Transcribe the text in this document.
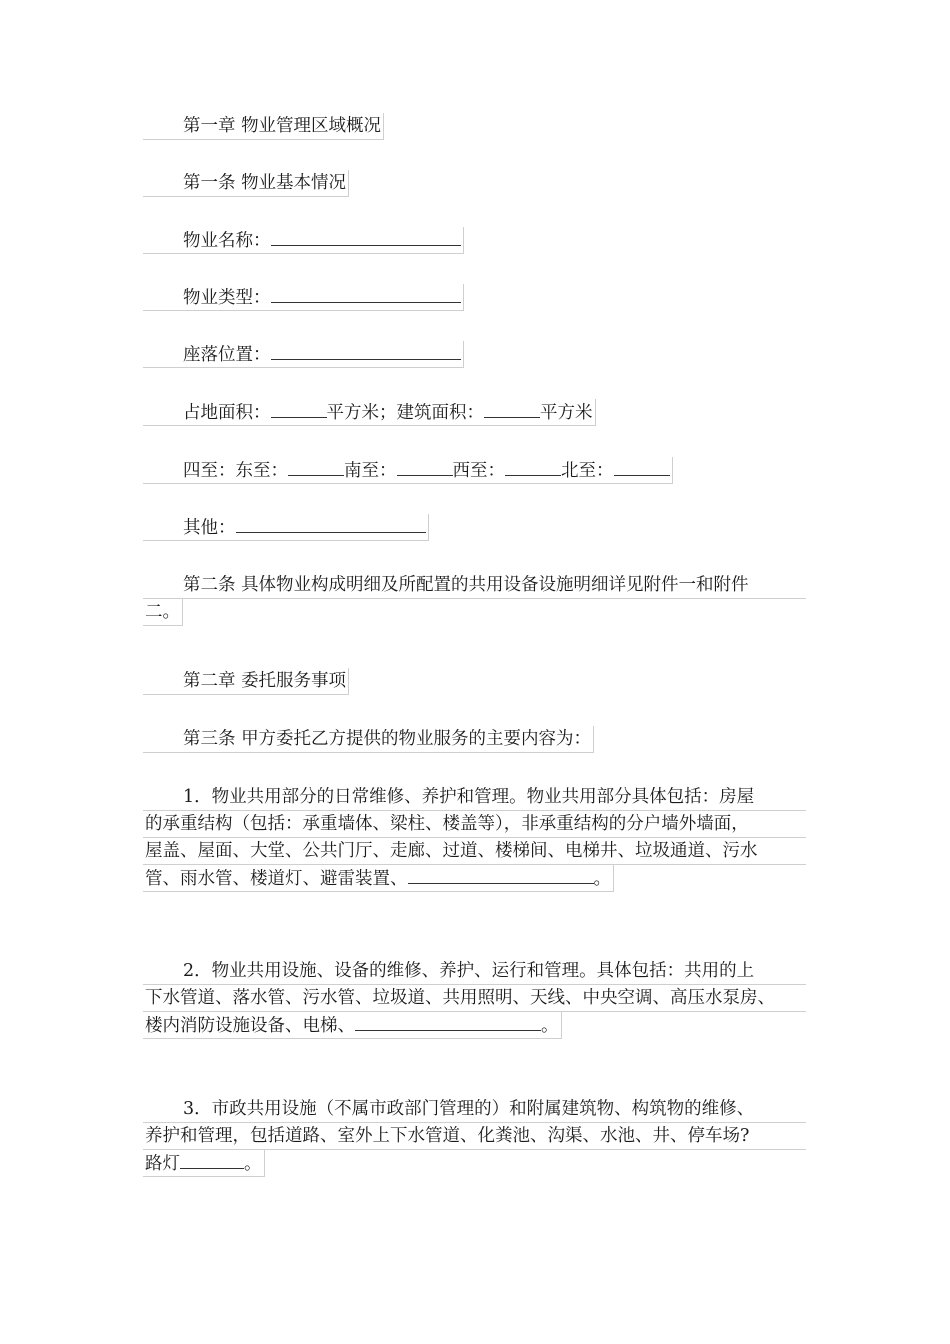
第一章 物业管理区域概况
第一条 物业基本情况
物业名称：
物业类型：
座落位置：
占地面积：	平方米；建筑面积：	平方米
四至：东至：	南至：	西至：	北至：
其他：
第二条 具体物业构成明细及所配置的共用设备设施明细详见附件一和附件
二。
第二章 委托服务事项
第三条 甲方委托乙方提供的物业服务的主要内容为：
1．物业共用部分的日常维修、养护和管理。物业共用部分具体包括：房屋
的承重结构（包括：承重墙体、梁柱、楼盖等），非承重结构的分户墙外墙面，
屋盖、屋面、大堂、公共门厅、走廊、过道、楼梯间、电梯井、垃圾通道、污水
管、雨水管、楼道灯、避雷装置、	。
2．物业共用设施、设备的维修、养护、运行和管理。具体包括：共用的上
下水管道、落水管、污水管、垃圾道、共用照明、天线、中央空调、高压水泵房、
楼内消防设施设备、电梯、	。
3．市政共用设施（不属市政部门管理的）和附属建筑物、构筑物的维修、
养护和管理，包括道路、室外上下水管道、化粪池、沟渠、水池、井、停车场?
路灯	。
